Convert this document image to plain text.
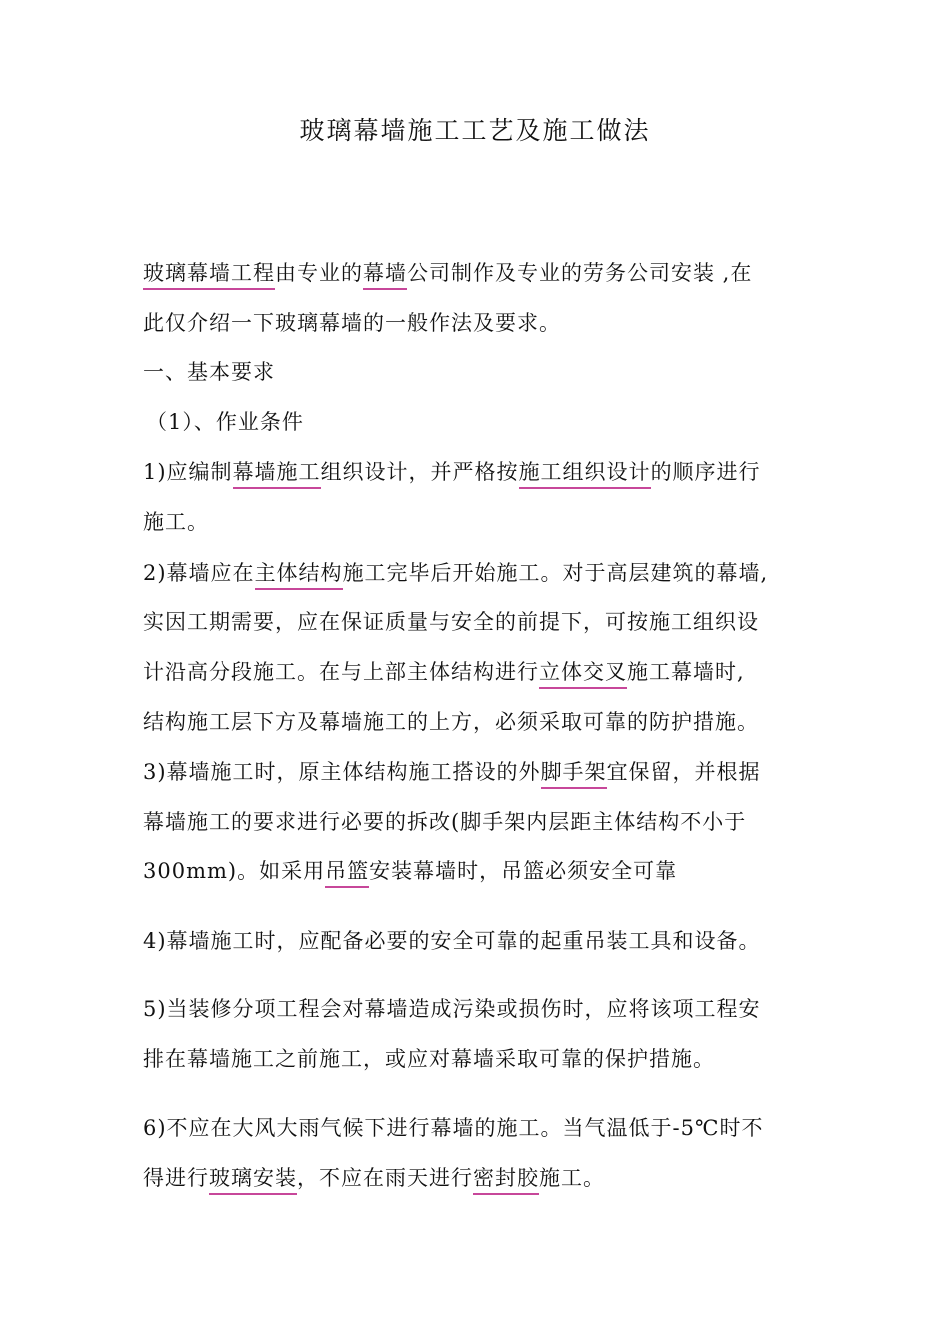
玻璃幕墙施工工艺及施工做法
玻璃幕墙工程由专业的幕墙公司制作及专业的劳务公司安装 ,在
此仅介绍一下玻璃幕墙的一般作法及要求。
一、基本要求
（1）、作业条件
1)应编制幕墙施工组织设计，并严格按施工组织设计的顺序进行
施工。
2)幕墙应在主体结构施工完毕后开始施工。对于高层建筑的幕墙,
实因工期需要，应在保证质量与安全的前提下，可按施工组织设
计沿高分段施工。在与上部主体结构进行立体交叉施工幕墙时,
结构施工层下方及幕墙施工的上方，必须采取可靠的防护措施。
3)幕墙施工时，原主体结构施工搭设的外脚手架宜保留，并根据
幕墙施工的要求进行必要的拆改(脚手架内层距主体结构不小于
300mm)。如采用吊篮安装幕墙时，吊篮必须安全可靠
4)幕墙施工时，应配备必要的安全可靠的起重吊装工具和设备。
5)当装修分项工程会对幕墙造成污染或损伤时，应将该项工程安
排在幕墙施工之前施工，或应对幕墙采取可靠的保护措施。
6)不应在大风大雨气候下进行幕墙的施工。当气温低于-5℃时不
得进行玻璃安装，不应在雨天进行密封胶施工。
